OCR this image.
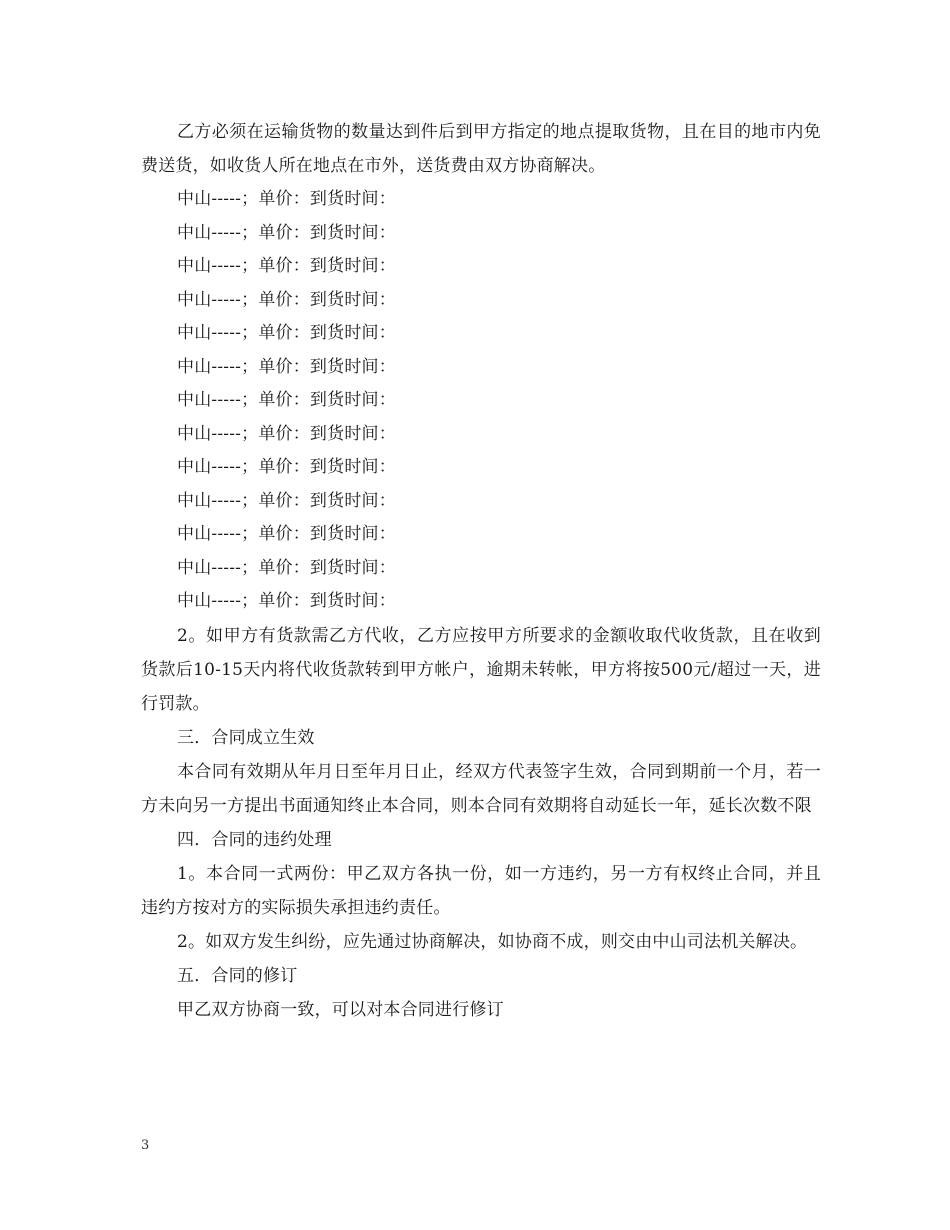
乙方必须在运输货物的数量达到件后到甲方指定的地点提取货物，且在目的地市内免费送货，如收货人所在地点在市外，送货费由双方协商解决。

中山-----；单价：到货时间：
中山-----；单价：到货时间：
中山-----；单价：到货时间：
中山-----；单价：到货时间：
中山-----；单价：到货时间：
中山-----；单价：到货时间：
中山-----；单价：到货时间：
中山-----；单价：到货时间：
中山-----；单价：到货时间：
中山-----；单价：到货时间：
中山-----；单价：到货时间：
中山-----；单价：到货时间：
中山-----；单价：到货时间：

2。如甲方有货款需乙方代收，乙方应按甲方所要求的金额收取代收货款，且在收到货款后10-15天内将代收货款转到甲方帐户，逾期未转帐，甲方将按500元/超过一天，进行罚款。

三．合同成立生效

本合同有效期从年月日至年月日止，经双方代表签字生效，合同到期前一个月，若一方未向另一方提出书面通知终止本合同，则本合同有效期将自动延长一年，延长次数不限

四．合同的违约处理

1。本合同一式两份：甲乙双方各执一份，如一方违约，另一方有权终止合同，并且违约方按对方的实际损失承担违约责任。

2。如双方发生纠纷，应先通过协商解决，如协商不成，则交由中山司法机关解决。

五．合同的修订

甲乙双方协商一致，可以对本合同进行修订

3
